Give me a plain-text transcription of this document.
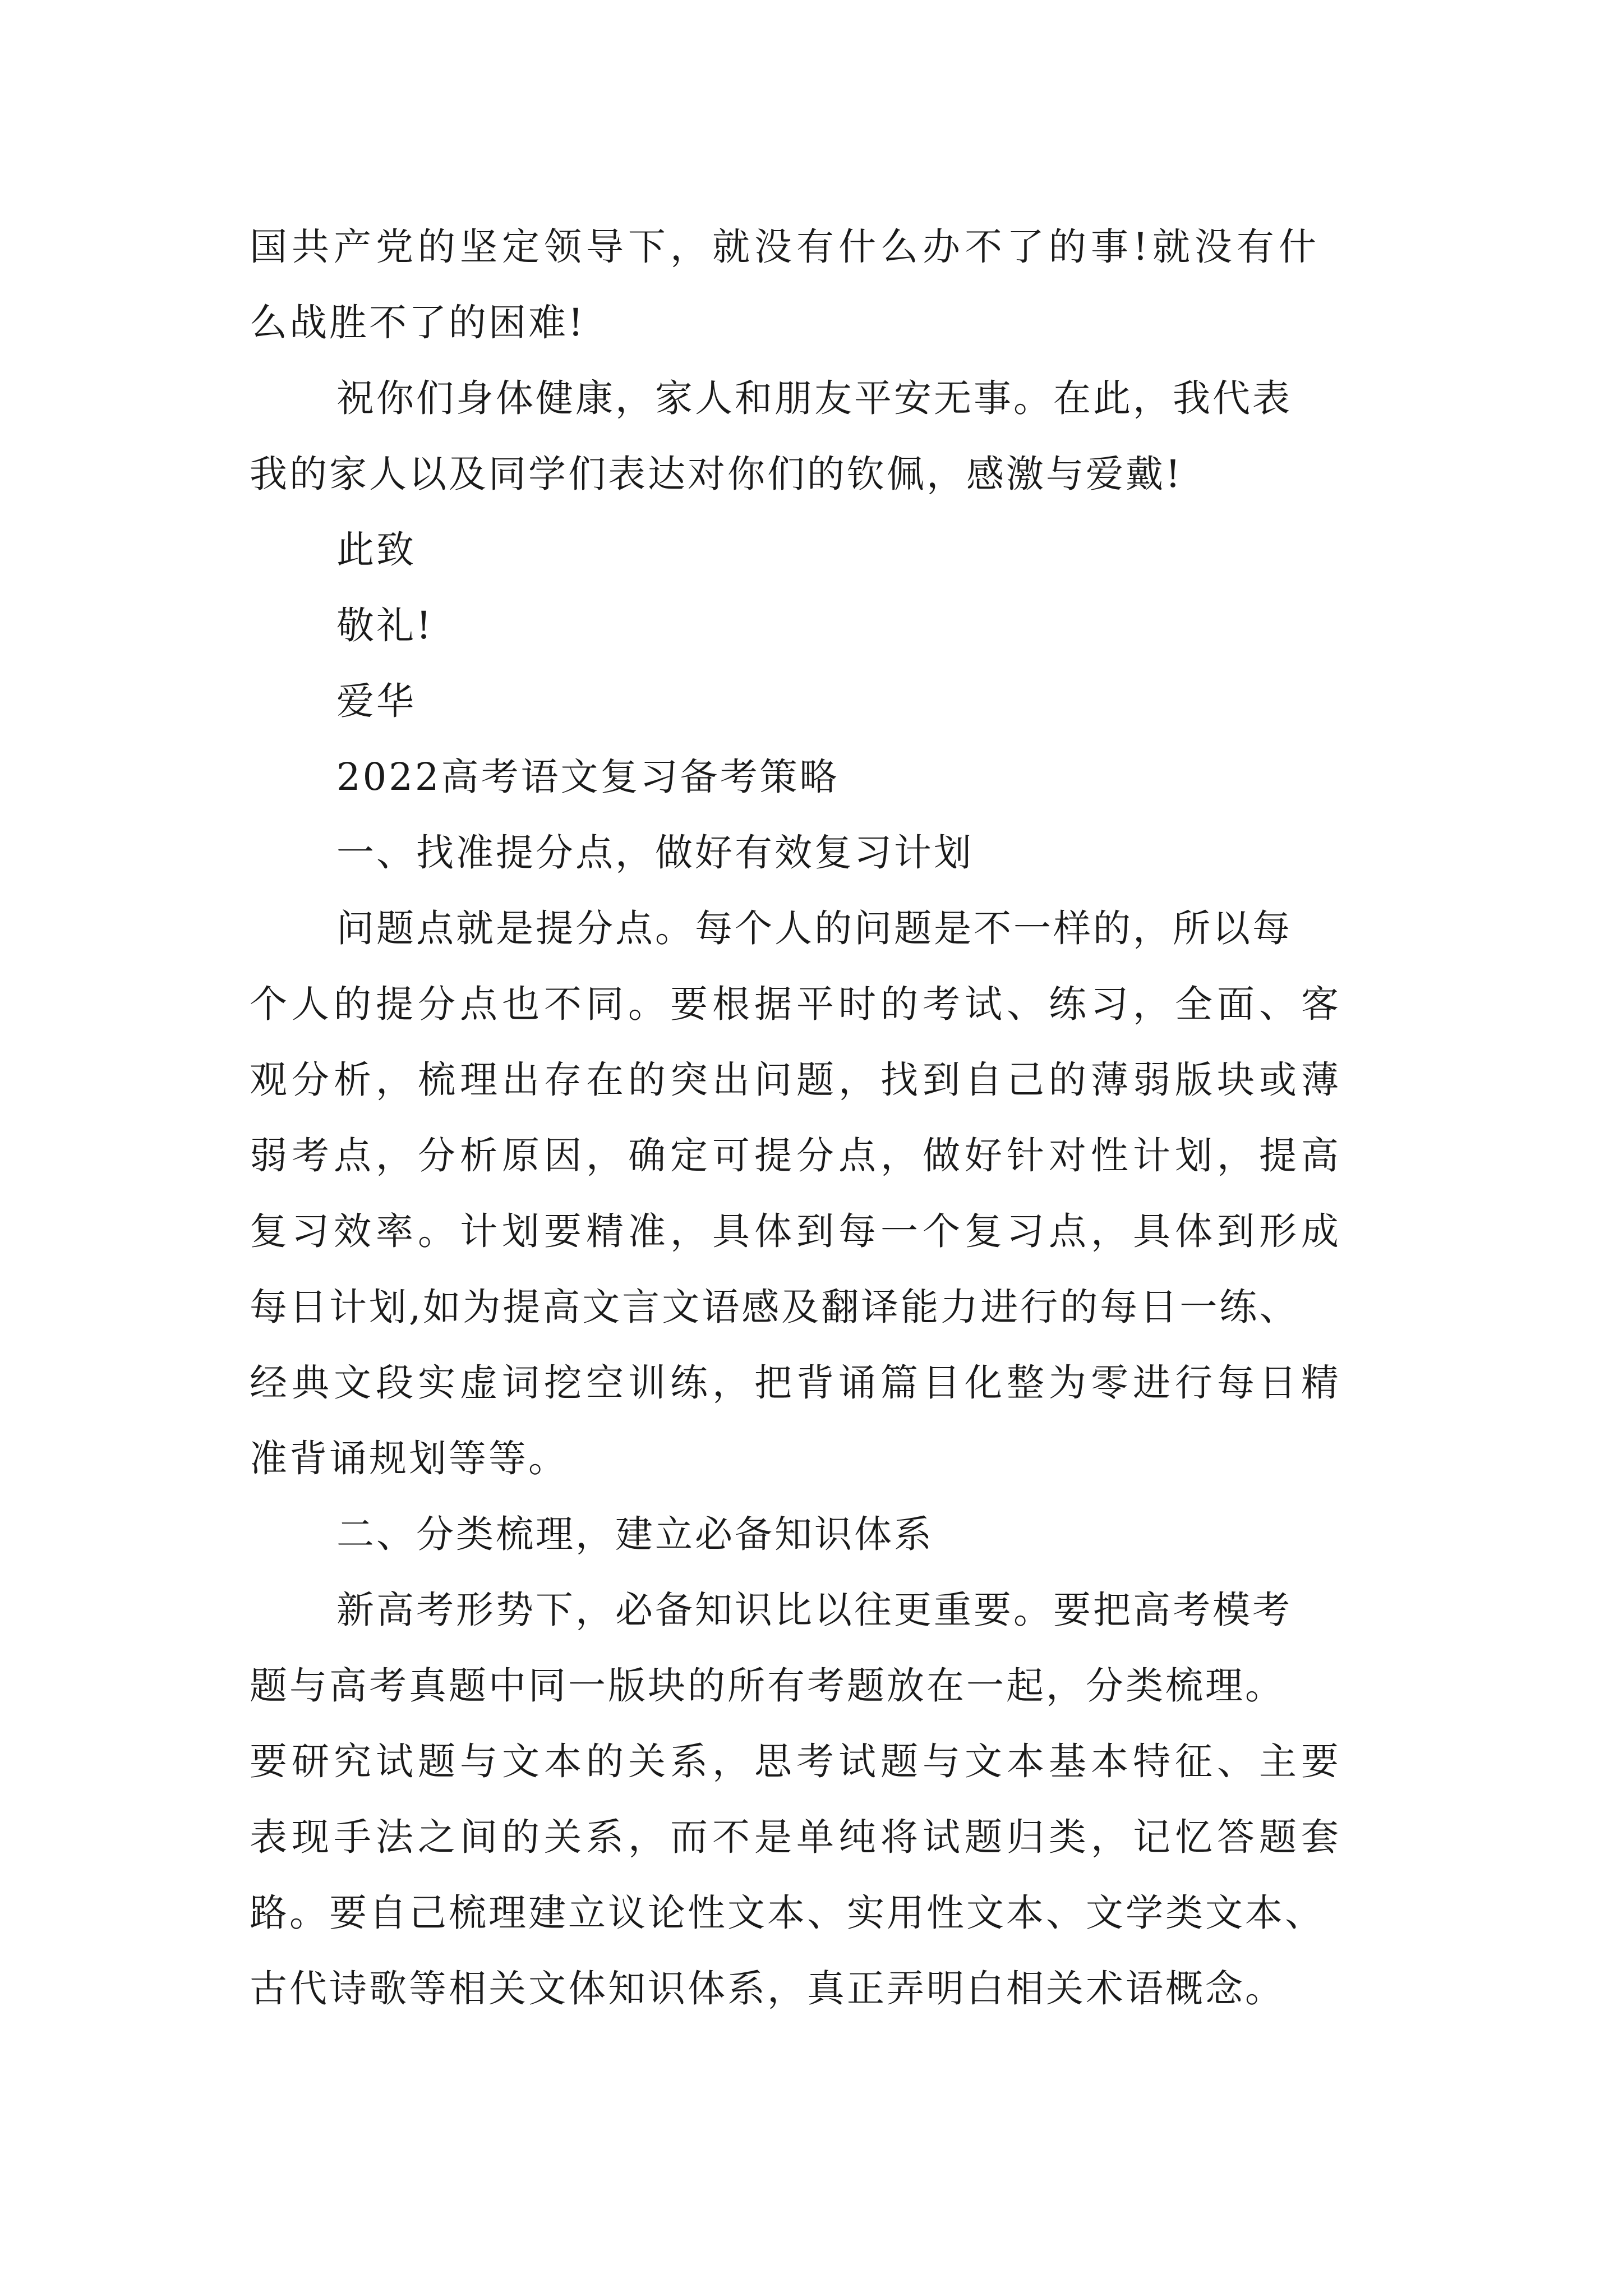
国共产党的坚定领导下，就没有什么办不了的事!就没有什
么战胜不了的困难!
祝你们身体健康，家人和朋友平安无事。在此，我代表
我的家人以及同学们表达对你们的钦佩，感激与爱戴!
此致
敬礼!
爱华
2022高考语文复习备考策略
一、找准提分点，做好有效复习计划
问题点就是提分点。每个人的问题是不一样的，所以每
个人的提分点也不同。要根据平时的考试、练习，全面、客
观分析，梳理出存在的突出问题，找到自己的薄弱版块或薄
弱考点，分析原因，确定可提分点，做好针对性计划，提高
复习效率。计划要精准，具体到每一个复习点，具体到形成
每日计划,如为提高文言文语感及翻译能力进行的每日一练、
经典文段实虚词挖空训练，把背诵篇目化整为零进行每日精
准背诵规划等等。
二、分类梳理，建立必备知识体系
新高考形势下，必备知识比以往更重要。要把高考模考
题与高考真题中同一版块的所有考题放在一起，分类梳理。
要研究试题与文本的关系，思考试题与文本基本特征、主要
表现手法之间的关系，而不是单纯将试题归类，记忆答题套
路。要自己梳理建立议论性文本、实用性文本、文学类文本、
古代诗歌等相关文体知识体系，真正弄明白相关术语概念。
